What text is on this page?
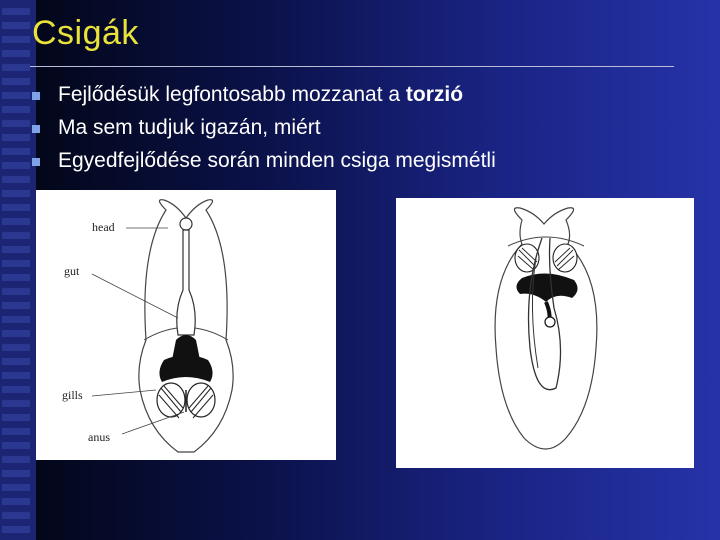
Csigák
Fejlődésük legfontosabb mozzanat a torzió
Ma sem tudjuk igazán, miért
Egyedfejlődése során minden csiga megismétli
head
gut
gills
anus
